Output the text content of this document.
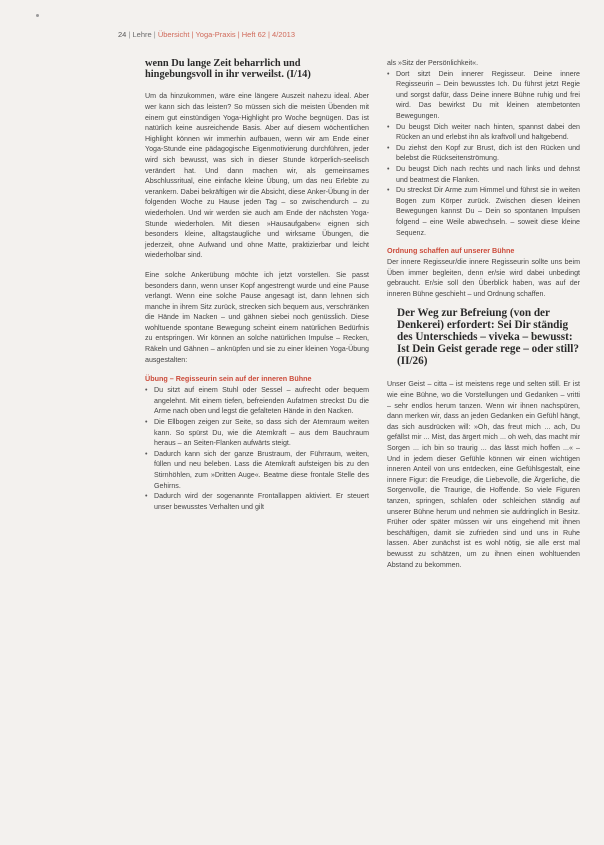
24 | Lehre | Übersicht | Yoga-Praxis | Heft 62 | 4/2013
wenn Du lange Zeit beharrlich und hingebungsvoll in ihr verweilst. (I/14)

Um da hinzukommen, wäre eine längere Auszeit nahezu ideal. Aber wer kann sich das leisten? So müssen sich die meisten Übenden mit einem gut einstündigen Yoga-Highlight pro Woche begnügen. Das ist natürlich keine ausreichende Basis. Aber auf diesem wöchentlichen Highlight können wir immerhin aufbauen, wenn wir am Ende einer Yoga-Stunde eine pädagogische Eigenmotivierung durchführen, jeder wird sich bewusst, was sich in dieser Stunde körperlich-seelisch verändert hat. Und dann machen wir, als gemeinsames Abschlussritual, eine einfache kleine Übung, um das neu Erlebte zu verankern. Dabei bekräftigen wir die Absicht, diese Anker-Übung in der folgenden Woche zu Hause jeden Tag – so zwischendurch – zu wiederholen. Und wir werden sie auch am Ende der nächsten Yoga-Stunde wiederholen. Mit diesen »Hausaufgaben« eignen sich besonders kleine, alltagstaugliche und wirksame Übungen, die jederzeit, ohne Aufwand und ohne Matte, praktizierbar und leicht wiederholbar sind.

Eine solche Ankerübung möchte ich jetzt vorstellen. Sie passt besonders dann, wenn unser Kopf angestrengt wurde und eine Pause verlangt. Wenn eine solche Pause angesagt ist, dann lehnen sich manche in ihrem Sitz zurück, strecken sich bequem aus, verschränken die Hände im Nacken – und gähnen siebei noch genüsslich. Diese wohltuende spontane Bewegung scheint einem natürlichen Bedürfnis zu entspringen. Wir können an solche natürlichen Impulse – Recken, Räkeln und Gähnen – anknüpfen und sie zu einer kleinen Yoga-Übung ausgestalten:

Übung – Regisseurin sein auf der inneren Bühne
• Du sitzt auf einem Stuhl oder Sessel – aufrecht oder bequem angelehnt. Mit einem tiefen, befreienden Aufatmen streckst Du die Arme nach oben und legst die gefalteten Hände in den Nacken.
• Die Ellbogen zeigen zur Seite, so dass sich der Atemraum weiten kann. So spürst Du, wie die Atemkraft – aus dem Bauchraum heraus – an Seiten-Flanken aufwärts steigt.
• Dadurch kann sich der ganze Brustraum, der Führraum, weiten, füllen und neu beleben. Lass die Atemkraft aufsteigen bis zu den Stirnhöhlen, zum »Dritten Auge«. Beatme diese frontale Stelle des Gehirns.
• Dadurch wird der sogenannte Frontallappen aktiviert. Er steuert unser bewusstes Verhalten und gilt

als »Sitz der Persönlichkeit«.

• Dort sitzt Dein innerer Regisseur. Deine innere Regisseurin – Dein bewusstes Ich. Du führst jetzt Regie und sorgst dafür, dass Deine innere Bühne ruhig und frei wird. Das bewirkst Du mit kleinen atembetonten Bewegungen.
• Du beugst Dich weiter nach hinten, spannst dabei den Rücken an und erlebst ihn als kraftvoll und haltgebend.
• Du ziehst den Kopf zur Brust, dich ist den Rücken und belebst die Rückseitenströmung.
• Du beugst Dich nach rechts und nach links und dehnst und beatmest die Flanken.
• Du streckst Dir Arme zum Himmel und führst sie in weiten Bogen zum Körper zurück. Zwischen diesen kleinen Bewegungen kannst Du – Dein so spontanen Impulsen folgend – eine Weile abwechseln. – soweit diese kleine Sequenz.
Ordnung schaffen auf unserer Bühne

Der innere Regisseur/die innere Regisseurin sollte uns beim Üben immer begleiten, denn er/sie wird dabei unbedingt gebraucht. Er/sie soll den Überblick haben, was auf der inneren Bühne geschieht – und Ordnung schaffen.

Der Weg zur Befreiung (von der Denkerei) erfordert: Sei Dir ständig des Unterschieds – viveka – bewusst: Ist Dein Geist gerade rege – oder still? (II/26)

Unser Geist – citta – ist meistens rege und selten still. Er ist wie eine Bühne, wo die Vorstellungen und Gedanken – vritti – sehr endlos herum tanzen. Wenn wir ihnen nachspüren, dann merken wir, dass an jeden Gedanken ein Gefühl hängt, das sich ausdrücken will: »Oh, das freut mich ... ach, Du gefällst mir ... Mist, das ärgert mich ... oh weh, das macht mir Sorgen ... ich bin so traurig ... das lässt mich hoffen ...« – Und in jedem dieser Gefühle können wir einen wichtigen inneren Anteil von uns entdecken, eine Gefühlsgestalt, eine innere Figur: die Freudige, die Liebevolle, die Ärgerliche, die Sorgenvolle, die Traurige, die Hoffende. So viele Figuren tanzen, springen, schlafen oder schleichen ständig auf unserer Bühne herum und nehmen sie aufdringlich in Besitz. Früher oder später müssen wir uns eingehend mit ihnen beschäftigen, damit sie zufrieden sind und uns in Ruhe lassen. Aber zunächst ist es wohl nötig, sie alle erst mal bewusst zu schätzen, um zu ihnen einen wohltuenden Abstand zu bekommen.
